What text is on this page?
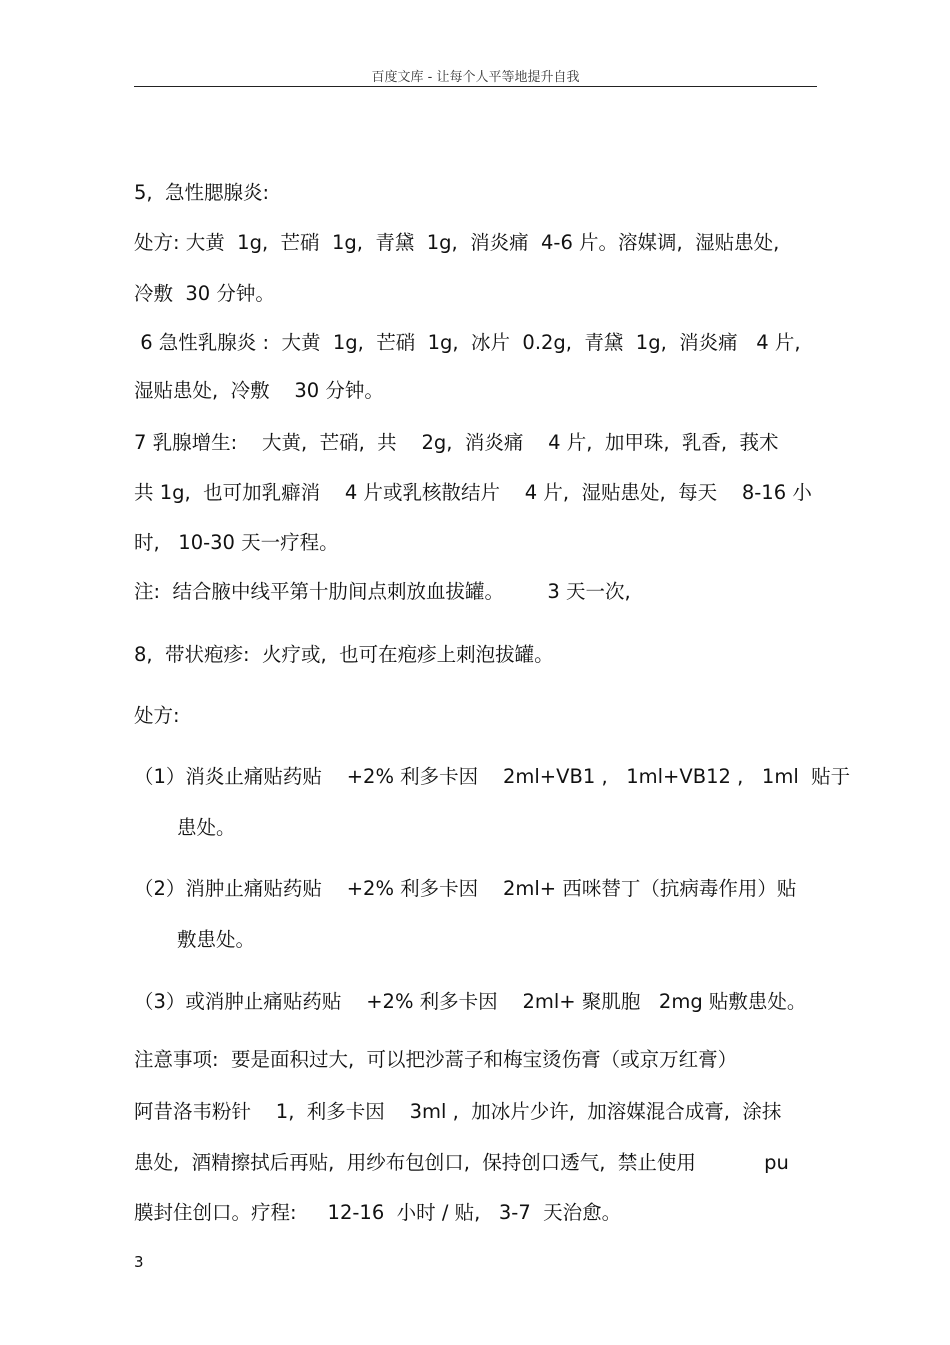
百度文库 - 让每个人平等地提升自我
5,  急性腮腺炎:
处方: 大黄  1g,  芒硝  1g,  青黛  1g,  消炎痛  4-6 片。溶媒调,  湿贴患处,
冷敷  30 分钟。
6 急性乳腺炎 :  大黄  1g,  芒硝  1g,  冰片  0.2g,  青黛  1g,  消炎痛   4 片,
湿贴患处,  冷敷    30 分钟。
7 乳腺增生:    大黄,  芒硝,  共    2g,  消炎痛    4 片,  加甲珠,  乳香,  莪术
共 1g,  也可加乳癖消    4 片或乳核散结片    4 片,  湿贴患处,  每天    8-16 小
时,   10-30 天一疗程。
注:  结合腋中线平第十肋间点刺放血拔罐。       3 天一次,
8,  带状疱疹:  火疗或,  也可在疱疹上刺泡拔罐。
处方:
（1）消炎止痛贴药贴    +2% 利多卡因    2ml+VB1 ,   1ml+VB12 ,   1ml  贴于
患处。
（2）消肿止痛贴药贴    +2% 利多卡因    2ml+ 西咪替丁（抗病毒作用）贴
敷患处。
（3）或消肿止痛贴药贴    +2% 利多卡因    2ml+ 聚肌胞   2mg 贴敷患处。
注意事项:  要是面积过大,  可以把沙蒿子和梅宝烫伤膏（或京万红膏）
阿昔洛韦粉针    1,  利多卡因    3ml ,  加冰片少许,  加溶媒混合成膏,  涂抹
患处,  酒精擦拭后再贴,  用纱布包创口,  保持创口透气,  禁止使用           pu
膜封住创口。疗程:     12-16  小时 / 贴,   3-7  天治愈。
3
